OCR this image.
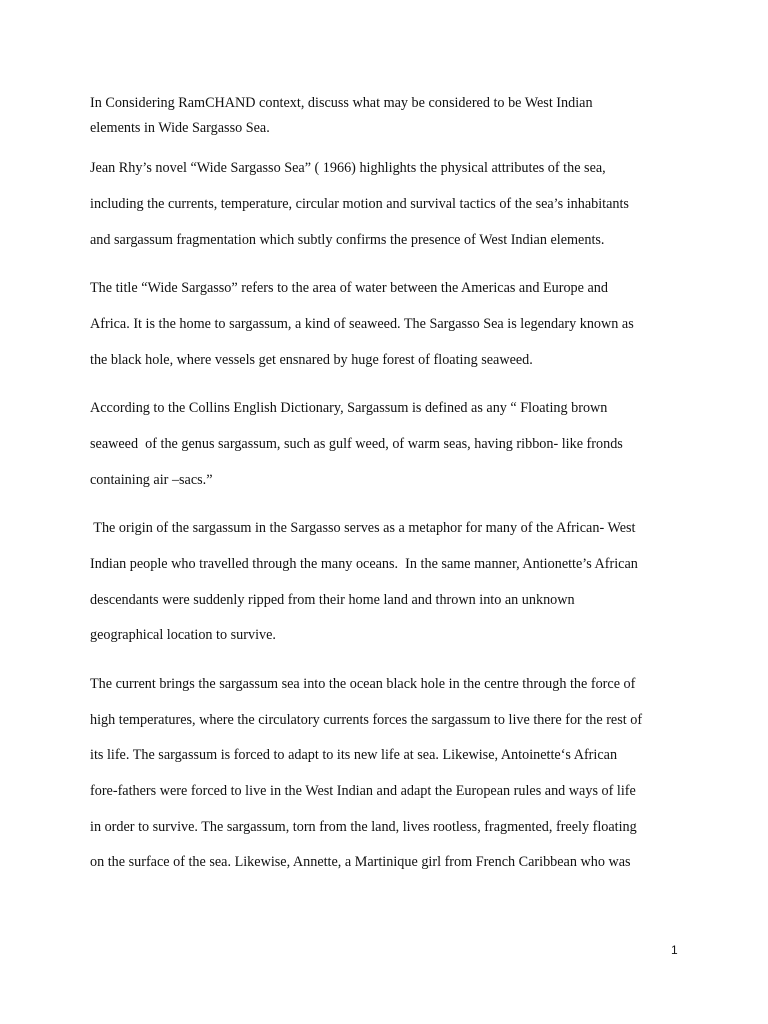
In Considering RamCHAND context, discuss what may be considered to be West Indian
elements in Wide Sargasso Sea.
Jean Rhy’s novel “Wide Sargasso Sea” ( 1966) highlights the physical attributes of the sea,
including the currents, temperature, circular motion and survival tactics of the sea’s inhabitants
and sargassum fragmentation which subtly confirms the presence of West Indian elements.
The title “Wide Sargasso” refers to the area of water between the Americas and Europe and
Africa. It is the home to sargassum, a kind of seaweed. The Sargasso Sea is legendary known as
the black hole, where vessels get ensnared by huge forest of floating seaweed.
According to the Collins English Dictionary, Sargassum is defined as any “ Floating brown
seaweed  of the genus sargassum, such as gulf weed, of warm seas, having ribbon- like fronds
containing air –sacs.”
The origin of the sargassum in the Sargasso serves as a metaphor for many of the African- West
Indian people who travelled through the many oceans.  In the same manner, Antionette’s African
descendants were suddenly ripped from their home land and thrown into an unknown
geographical location to survive.
The current brings the sargassum sea into the ocean black hole in the centre through the force of
high temperatures, where the circulatory currents forces the sargassum to live there for the rest of
its life. The sargassum is forced to adapt to its new life at sea. Likewise, Antoinette‘s African
fore-fathers were forced to live in the West Indian and adapt the European rules and ways of life
in order to survive. The sargassum, torn from the land, lives rootless, fragmented, freely floating
on the surface of the sea. Likewise, Annette, a Martinique girl from French Caribbean who was
1
